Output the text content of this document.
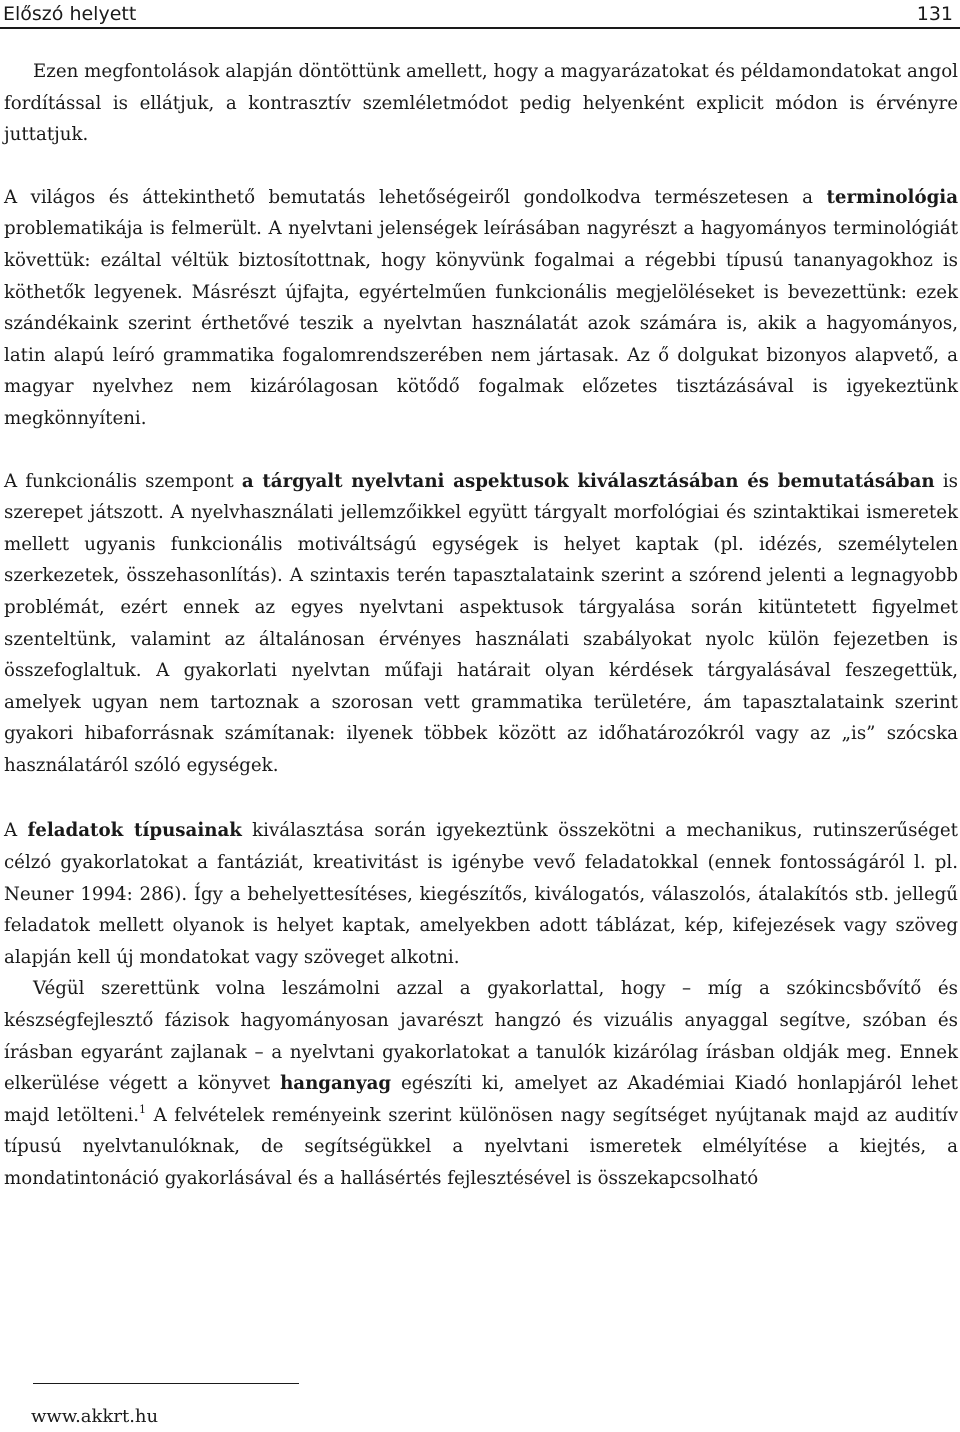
Előszó helyett	131

Ezen megfontolások alapján döntöttünk amellett, hogy a magyarázatokat és példamondatokat angol fordítással is ellátjuk, a kontrasztív szemléletmódot pedig helyenként explicit módon is érvényre juttatjuk.

A világos és áttekinthető bemutatás lehetőségeiről gondolkodva természetesen a terminológia problematikája is felmerült. A nyelvtani jelenségek leírásában nagyrészt a hagyományos terminológiát követtük: ezáltal véltük biztosítottnak, hogy könyvünk fogalmai a régebbi típusú tananyagokhoz is köthetők legyenek. Másrészt újfajta, egyértelműen funkcionális megjelöléseket is bevezettünk: ezek szándékaink szerint érthetővé teszik a nyelvtan használatát azok számára is, akik a hagyományos, latin alapú leíró grammatika fogalomrendszerében nem jártasak. Az ő dolgukat bizonyos alapvető, a magyar nyelvhez nem kizárólagosan kötődő fogalmak előzetes tisztázásával is igyekeztünk megkönnyíteni.

A funkcionális szempont a tárgyalt nyelvtani aspektusok kiválasztásában és bemutatásában is szerepet játszott. A nyelvhasználati jellemzőikkel együtt tárgyalt morfológiai és szintaktikai ismeretek mellett ugyanis funkcionális motiváltságú egységek is helyet kaptak (pl. idézés, személytelen szerkezetek, összehasonlítás). A szintaxis terén tapasztalataink szerint a szórend jelenti a legnagyobb problémát, ezért ennek az egyes nyelvtani aspektusok tárgyalása során kitüntetett figyelmet szenteltünk, valamint az általánosan érvényes használati szabályokat nyolc külön fejezetben is összefoglaltuk. A gyakorlati nyelvtan műfaji határait olyan kérdések tárgyalásával feszegettük, amelyek ugyan nem tartoznak a szorosan vett grammatika területére, ám tapasztalataink szerint gyakori hibaforrásnak számítanak: ilyenek többek között az időhatározókról vagy az „is” szócska használatáról szóló egységek.

A feladatok típusainak kiválasztása során igyekeztünk összekötni a mechanikus, rutinszerűséget célzó gyakorlatokat a fantáziát, kreativitást is igénybe vevő feladatokkal (ennek fontosságáról l. pl. Neuner 1994: 286). Így a behelyettesítéses, kiegészítős, kiválogatós, válaszolós, átalakítós stb. jellegű feladatok mellett olyanok is helyet kaptak, amelyekben adott táblázat, kép, kifejezések vagy szöveg alapján kell új mondatokat vagy szöveget alkotni.

Végül szerettünk volna leszámolni azzal a gyakorlattal, hogy – míg a szókincsbővítő és készségfejlesztő fázisok hagyományosan javarészt hangzó és vizuális anyaggal segítve, szóban és írásban egyaránt zajlanak – a nyelvtani gyakorlatokat a tanulók kizárólag írásban oldják meg. Ennek elkerülése végett a könyvet hanganyag egészíti ki, amelyet az Akadémiai Kiadó honlapjáról lehet majd letölteni.$^1$ A felvételek reményeink szerint különösen nagy segítséget nyújtanak majd az auditív típusú nyelvtanulóknak, de segítségükkel a nyelvtani ismeretek elmélyítése a kiejtés, a mondatintonáció gyakorlásával és a hallásértés fejlesztésével is összekapcsolható

www.akkrt.hu
